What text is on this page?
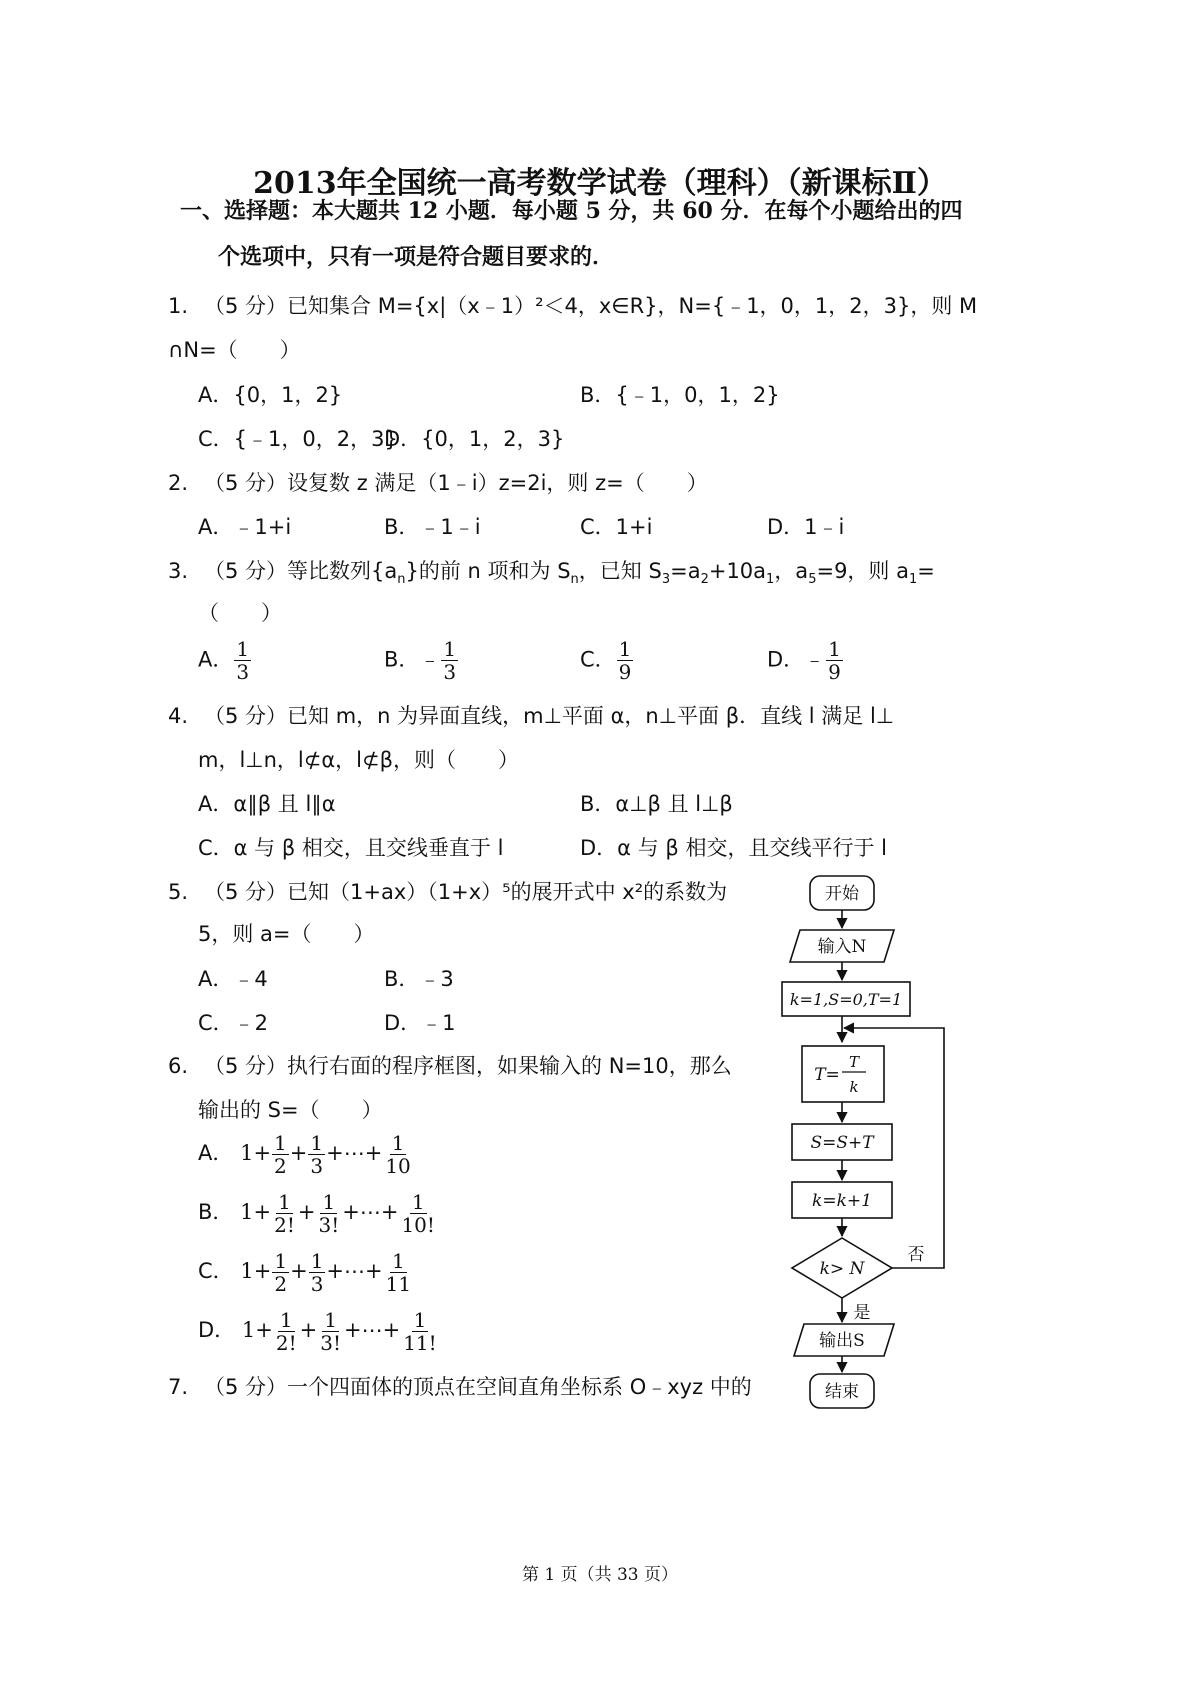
2013年全国统一高考数学试卷（理科）（新课标Ⅱ）
一、选择题：本大题共 12 小题．每小题 5 分，共 60 分．在每个小题给出的四
个选项中，只有一项是符合题目要求的．
1. （5 分）已知集合 M={x|（x﹣1）²＜4，x∈R}，N={﹣1，0，1，2，3}，则 M
∩N=（　　）
A．{0，1，2}	B．{﹣1，0，1，2}
C．{﹣1，0，2，3}
D．{0，1，2，3}
2. （5 分）设复数 z 满足（1﹣i）z=2i，则 z=（　　）
A．﹣1+i	B．﹣1﹣i	C．1+i	D．1﹣i
3. （5 分）等比数列$\{a_n\}$的前 n 项和为 $S_n$，已知 $S_3=a_2+10a_1$，$a_5=9$，则 $a_1=$
（　　）
A． $\frac{1}{3}$	B．﹣ $\frac{1}{3}$	C． $\frac{1}{9}$	D．﹣ $\frac{1}{9}$
4. （5 分）已知 m，n 为异面直线，m⊥平面 α，n⊥平面 β．直线 l 满足 l⊥
m，l⊥n，l⊄α，l⊄β，则（　　）
A．α∥β 且 l∥α	B．α⊥β 且 l⊥β
C．α 与 β 相交，且交线垂直于 l	D．α 与 β 相交，且交线平行于 l
5. （5 分）已知（1+ax）（1+x）⁵的展开式中 x²的系数为
5，则 a=（　　）
A．﹣4	B．﹣3
C．﹣2	D．﹣1
6. （5 分）执行右面的程序框图，如果输入的 N=10，那么
输出的 S=（　　）
A． $1+ \frac{1}{2} + \frac{1}{3}$ +⋯+ $\frac{1}{10}$
B． $1+ \frac{1}{2!} + \frac{1}{3!}$ +⋯+ $\frac{1}{10!}$
C． $1+ \frac{1}{2} + \frac{1}{3}$ +⋯+ $\frac{1}{11}$
D． $1+ \frac{1}{2!} + \frac{1}{3!}$ +⋯+ $\frac{1}{11!}$
7. （5 分）一个四面体的顶点在空间直角坐标系 O﹣xyz 中的
开始
输入N
k=1,S=0,T=1
T=
T
k
S=S+T
k=k+1
k> N
否
是
输出S
结束
第 1 页（共 33 页）
